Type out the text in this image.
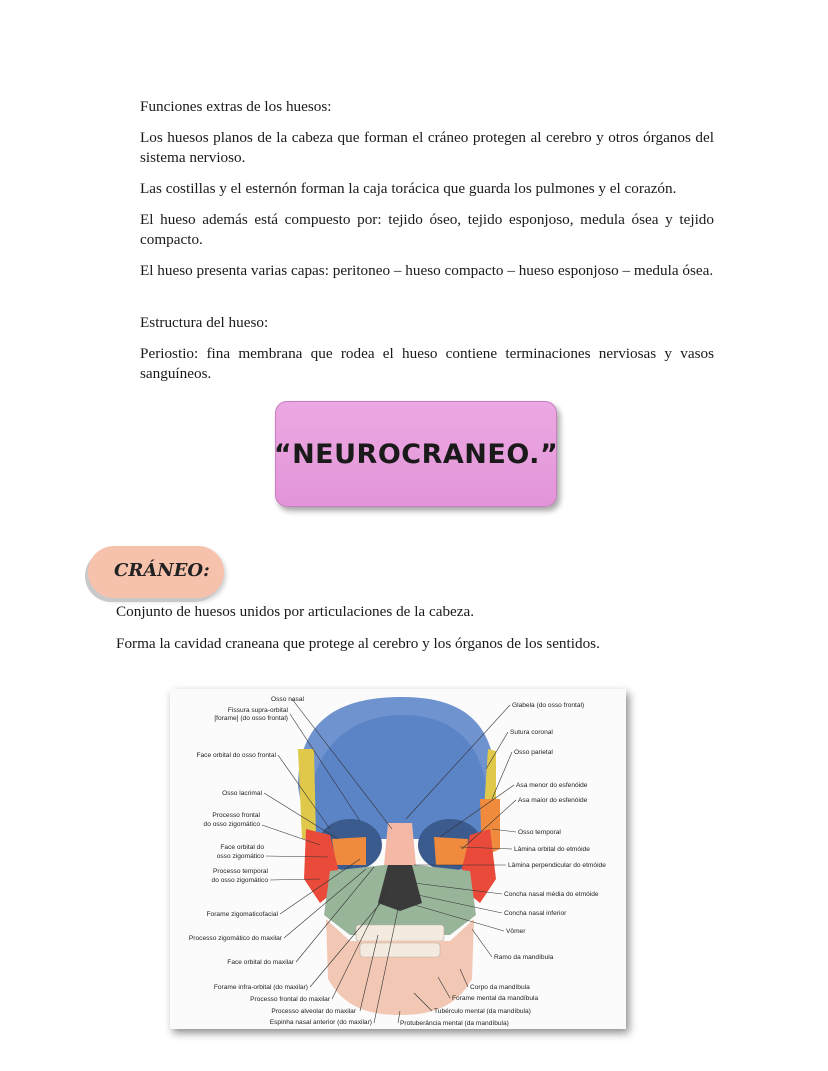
Funciones extras de los huesos:

Los huesos planos de la cabeza que forman el cráneo protegen al cerebro y otros órganos del sistema nervioso.

Las costillas y el esternón forman la caja torácica que guarda los pulmones y el corazón.

El hueso además está compuesto por: tejido óseo, tejido esponjoso, medula ósea y tejido compacto.

El hueso presenta varias capas: peritoneo – hueso compacto – hueso esponjoso – medula ósea.

Estructura del hueso:

Periostio: fina membrana que rodea el hueso contiene terminaciones nerviosas y vasos sanguíneos.

“NEUROCRANEO.”
CRÁNEO:

Conjunto de huesos unidos por articulaciones de la cabeza.

Forma la cavidad craneana que protege al cerebro y los órganos de los sentidos.

Osso nasal
Fissura supra-orbital
[forame] (do osso frontal)
Face orbital do osso frontal
Osso lacrimal
Processo frontal
do osso zigomático
Face orbital do
osso zigomático
Processo temporal
do osso zigomático
Forame zigomaticofacial
Processo zigomático do maxilar
Face orbital do maxilar
Forame infra-orbital (do maxilar)
Processo frontal do maxilar
Processo alveolar do maxilar
Espinha nasal anterior (do maxilar)
Glabela (do osso frontal)
Sutura coronal
Osso parietal
Asa menor do esfenóide
Asa maior do esfenóide
Osso temporal
Lâmina orbital do etmóide
Lâmina perpendicular do etmóide
Concha nasal média do etmóide
Concha nasal inferior
Vômer
Ramo da mandíbula
Corpo da mandíbula
Forame mental da mandíbula
Tubérculo mental (da mandíbula)
Protuberância mental (da mandíbula)
